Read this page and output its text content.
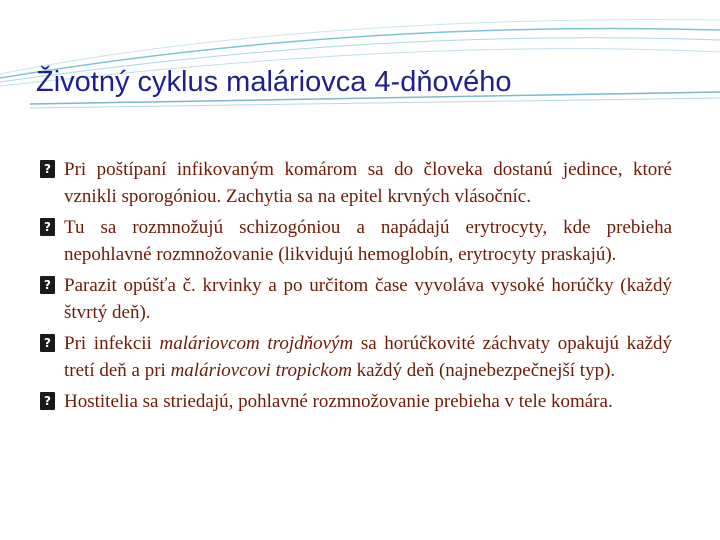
Životný cyklus maláriovca 4-dňového
? Pri poštípaní infikovaným komárom sa do človeka dostanú jedince, ktoré vznikli sporogóniou. Zachytia sa na epitel krvných vlásočníc.
? Tu sa rozmnožujú schizogóniou a napádajú erytrocyty, kde prebieha nepohlavné rozmnožovanie (likvidujú hemoglobín, erytrocyty praskajú).
? Parazit opúšťa č. krvinky a po určitom čase vyvoláva vysoké horúčky (každý štvrtý deň).
? Pri infekcii maláriovcom trojdňovým sa horúčkovité záchvaty opakujú každý tretí deň a pri maláriovcovi tropickom každý deň (najnebezpečnejší typ).
? Hostitelia sa striedajú, pohlavné rozmnožovanie prebieha v tele komára.
